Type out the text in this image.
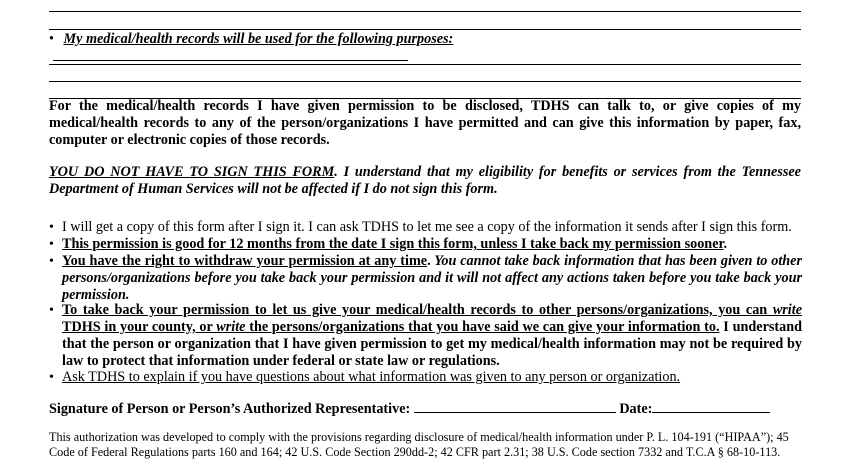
• My medical/health records will be used for the following purposes:
For the medical/health records I have given permission to be disclosed, TDHS can talk to, or give copies of my medical/health records to any of the person/organizations I have permitted and can give this information by paper, fax, computer or electronic copies of those records.
YOU DO NOT HAVE TO SIGN THIS FORM. I understand that my eligibility for benefits or services from the Tennessee Department of Human Services will not be affected if I do not sign this form.
• I will get a copy of this form after I sign it. I can ask TDHS to let me see a copy of the information it sends after I sign this form.
• This permission is good for 12 months from the date I sign this form, unless I take back my permission sooner.
• You have the right to withdraw your permission at any time. You cannot take back information that has been given to other persons/organizations before you take back your permission and it will not affect any actions taken before you take back your permission.
• To take back your permission to let us give your medical/health records to other persons/organizations, you can write TDHS in your county, or write the persons/organizations that you have said we can give your information to. I understand that the person or organization that I have given permission to get my medical/health information may not be required by law to protect that information under federal or state law or regulations.
• Ask TDHS to explain if you have questions about what information was given to any person or organization.
Signature of Person or Person’s Authorized Representative:	Date:
This authorization was developed to comply with the provisions regarding disclosure of medical/health information under P. L. 104-191 (“HIPAA”); 45 Code of Federal Regulations parts 160 and 164; 42 U.S. Code Section 290dd-2; 42 CFR part 2.31; 38 U.S. Code section 7332 and T.C.A § 68-10-113.
